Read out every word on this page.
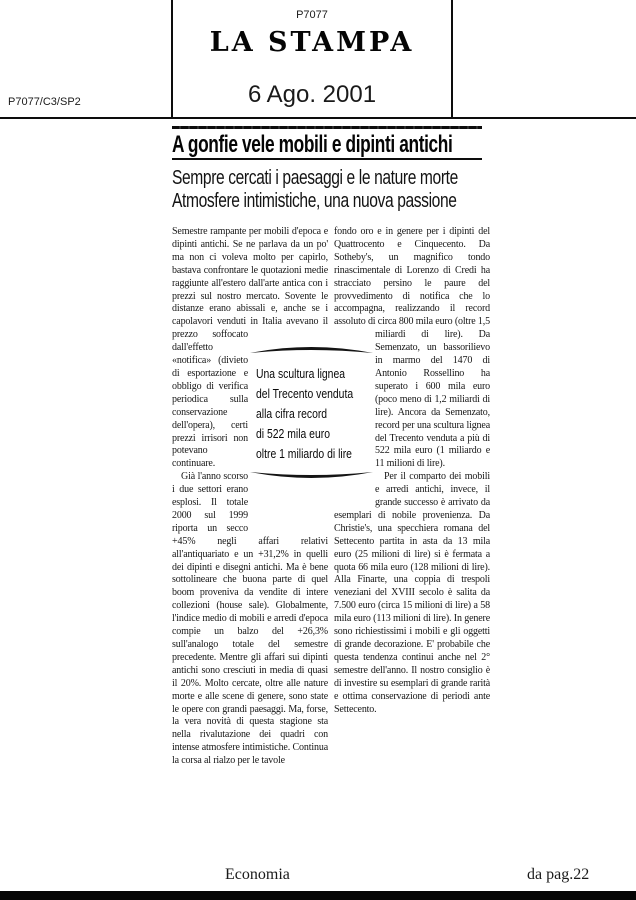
P7077
LA STAMPA
6 Ago. 2001
P7077/C3/SP2
A gonfie vele mobili e dipinti antichi
Sempre cercati i paesaggi e le nature morte
Atmosfere intimistiche, una nuova passione

Semestre rampante per mobili d'epoca e dipinti antichi. Se ne parlava da un po' ma non ci voleva molto per capirlo, bastava confrontare le quotazioni medie raggiunte all'estero dall'arte antica con i prezzi sul nostro mercato. Sovente le distanze erano abissali e, anche se i capolavori venduti in Italia avevano il prezzo soffocato dall'effetto «notifica» (divieto di esportazione e obbligo di verifica periodica sulla conservazione dell'opera), certi prezzi irrisori non potevano continuare.

Già l'anno scorso i due settori erano esplosi. Il totale 2000 sul 1999 riporta un secco +45% negli affari relativi all'antiquariato e un +31,2% in quelli dei dipinti e disegni antichi. Ma è bene sottolineare che buona parte di quel boom proveniva da vendite di intere collezioni (house sale). Globalmente, l'indice medio di mobili e arredi d'epoca compie un balzo del +26,3% sull'analogo totale del semestre precedente. Mentre gli affari sui dipinti antichi sono cresciuti in media di quasi il 20%. Molto cercate, oltre alle nature morte e alle scene di genere, sono state le opere con grandi paesaggi. Ma, forse, la vera novità di questa stagione sta nella rivalutazione dei quadri con intense atmosfere intimistiche. Continua la corsa al rialzo per le tavole

fondo oro e in genere per i dipinti del Quattrocento e Cinquecento. Da Sotheby's, un magnifico tondo rinascimentale di Lorenzo di Credi ha stracciato persino le paure del provvedimento di notifica che lo accompagna, realizzando il record assoluto di circa 800 mila euro (oltre 1,5 miliardi di lire). Da Semenzato, un bassorilievo in marmo del 1470 di Antonio Rossellino ha superato i 600 mila euro (poco meno di 1,2 miliardi di lire). Ancora da Semenzato, record per una scultura lignea del Trecento venduta a più di 522 mila euro (1 miliardo e 11 milioni di lire).

Per il comparto dei mobili e arredi antichi, invece, il grande successo è arrivato da esemplari di nobile provenienza. Da Christie's, una specchiera romana del Settecento partita in asta da 13 mila euro (25 milioni di lire) si è fermata a quota 66 mila euro (128 milioni di lire). Alla Finarte, una coppia di trespoli veneziani del XVIII secolo è salita da 7.500 euro (circa 15 milioni di lire) a 58 mila euro (113 milioni di lire). In genere sono richiestissimi i mobili e gli oggetti di grande decorazione. E' probabile che questa tendenza continui anche nel 2° semestre dell'anno. Il nostro consiglio è di investire su esemplari di grande rarità e ottima conservazione di periodi ante Settecento.

Una scultura lignea
del Trecento venduta
alla cifra record
di 522 mila euro
oltre 1 miliardo di lire
Economia	da pag.22
